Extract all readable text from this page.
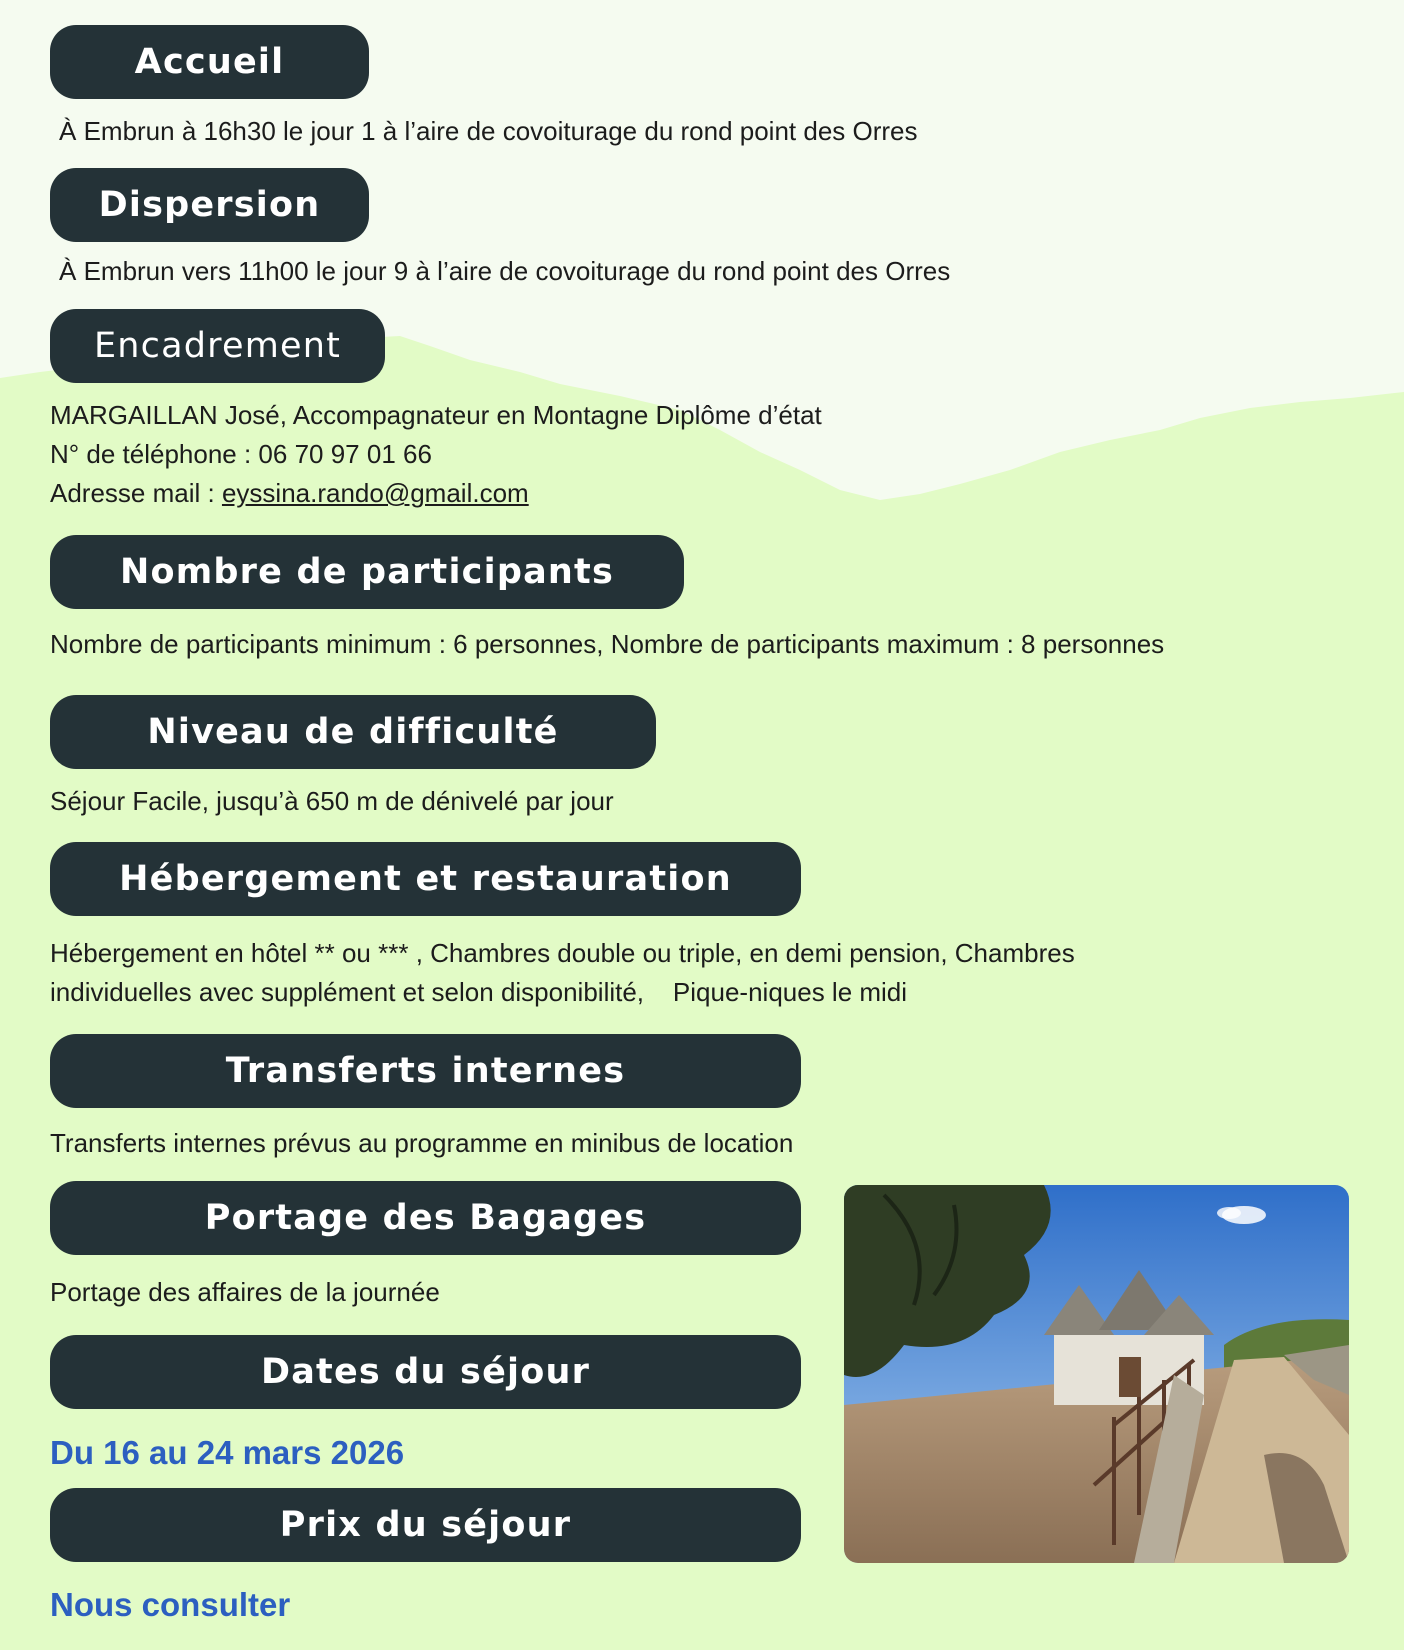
Accueil
À Embrun à 16h30 le jour 1 à l’aire de covoiturage du rond point des Orres
Dispersion
À Embrun vers 11h00 le jour 9 à l’aire de covoiturage du rond point des Orres
Encadrement
MARGAILLAN José, Accompagnateur en Montagne Diplôme d’état
N° de téléphone : 06 70 97 01 66
Adresse mail : eyssina.rando@gmail.com
Nombre de participants
Nombre de participants minimum : 6 personnes, Nombre de participants maximum : 8 personnes
Niveau de difficulté
Séjour Facile, jusqu’à 650 m de dénivelé par jour
Hébergement et restauration
Hébergement en hôtel ** ou *** , Chambres double ou triple, en demi pension, Chambres
individuelles avec supplément et selon disponibilité,    Pique-niques le midi
Transferts internes
Transferts internes prévus au programme en minibus de location
Portage des Bagages
Portage des affaires de la journée
Dates du séjour
Du 16 au 24 mars 2026
Prix du séjour
Nous consulter
